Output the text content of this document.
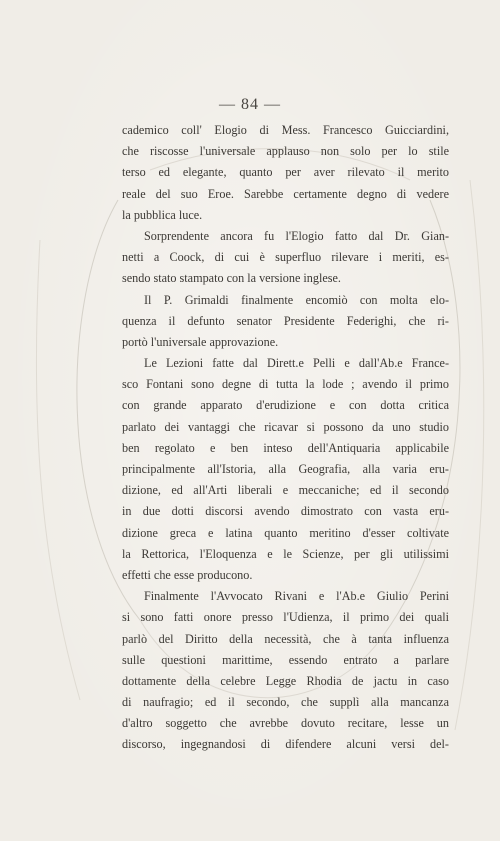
— 84 —
cademico coll' Elogio di Mess. Francesco Guicciardini,
che riscosse l'universale applauso non solo per lo stile
terso ed elegante, quanto per aver rilevato il merito
reale del suo Eroe. Sarebbe certamente degno di vedere
la pubblica luce.
Sorprendente ancora fu l'Elogio fatto dal Dr. Gian-
netti a Coock, di cui è superfluo rilevare i meriti, es-
sendo stato stampato con la versione inglese.
Il P. Grimaldi finalmente encomiò con molta elo-
quenza il defunto senator Presidente Federighi, che ri-
portò l'universale approvazione.
Le Lezioni fatte dal Dirett.e Pelli e dall'Ab.e France-
sco Fontani sono degne di tutta la lode ; avendo il primo
con grande apparato d'erudizione e con dotta critica
parlato dei vantaggi che ricavar si possono da uno studio
ben regolato e ben inteso dell'Antiquaria applicabile
principalmente all'Istoria, alla Geografia, alla varia eru-
dizione, ed all'Arti liberali e meccaniche; ed il secondo
in due dotti discorsi avendo dimostrato con vasta eru-
dizione greca e latina quanto meritino d'esser coltivate
la Rettorica, l'Eloquenza e le Scienze, per gli utilissimi
effetti che esse producono.
Finalmente l'Avvocato Rivani e l'Ab.e Giulio Perini
si sono fatti onore presso l'Udienza, il primo dei quali
parlò del Diritto della necessità, che à tanta influenza
sulle questioni marittime, essendo entrato a parlare
dottamente della celebre Legge Rhodia de jactu in caso
di naufragio; ed il secondo, che supplì alla mancanza
d'altro soggetto che avrebbe dovuto recitare, lesse un
discorso, ingegnandosi di difendere alcuni versi del-
